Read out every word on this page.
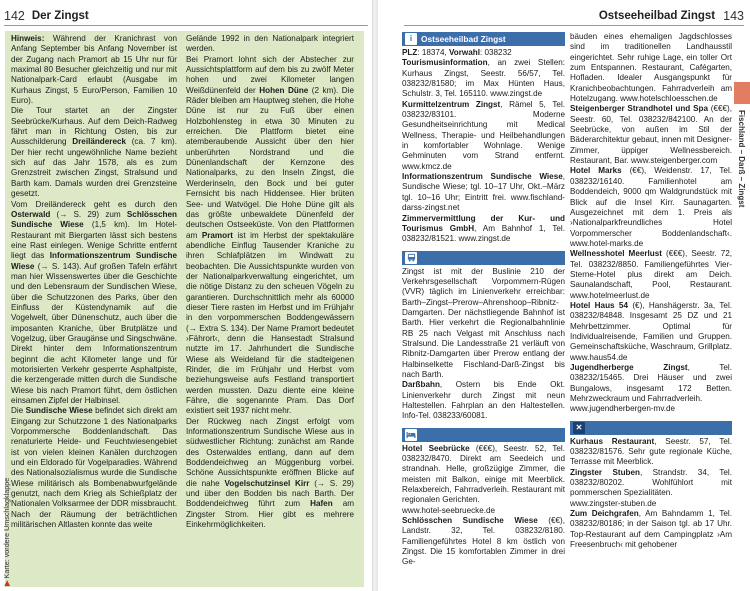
142 Der Zingst
Hinweis: Während der Kranichrast von Anfang September bis Anfang November ist der Zugang nach Pramort ab 15 Uhr nur für maximal 80 Besucher gleichzeitig und nur mit Nationalpark-Card erlaubt (Ausgabe im Kurhaus Zingst, 5 Euro/Person, Familien 10 Euro).
Die Tour startet an der Zingster Seebrücke/Kurhaus. Auf dem Deich-Radweg fährt man in Richtung Osten, bis zur Ausschilderung Dreiländereck (ca. 7 km). Der hier recht ungewöhnliche Name bezieht sich auf das Jahr 1578, als es zum Grenzstreit zwischen Zingst, Stralsund und Barth kam. Damals wurden drei Grenzsteine gesetzt.
Vom Dreiländereck geht es durch den Osterwald (→ S. 29) zum Schlösschen Sundische Wiese (1,5 km). Im Hotel-Restaurant mit Biergarten lässt sich bestens eine Rast einlegen. Wenige Schritte entfernt liegt das Informationszentrum Sundische Wiese (→ S. 143). Auf großen Tafeln erfährt man hier Wissenswertes über die Geschichte und den Lebensraum der Sundischen Wiese, über die Schutzzonen des Parks, über den Einfluss der Küstendynamik auf die Vogelwelt, über Dünenschutz, auch über die imposanten Kraniche, über Brutplätze und Vogelzug, über Graugänse und Singschwäne. Direkt hinter dem Informationszentrum beginnt die acht Kilometer lange und für motorisierten Verkehr gesperrte Asphaltpiste, die kerzengerade mitten durch die Sundische Wiese bis nach Pramort führt, dem östlichen einsamen Zipfel der Halbinsel.
Die Sundische Wiese befindet sich direkt am Eingang zur Schutzzone 1 des Nationalparks Vorpommersche Boddenlandschaft. Das renaturierte Heide- und Feuchtwiesengebiet ist von vielen kleinen Kanälen durchzogen und ein Eldorado für Vogelparadies. Während des Nationalsozialismus wurde die Sundische Wiese militärisch als Bombenabwurfgelände genutzt, nach dem Krieg als Schießplatz der Nationalen Volksarmee der DDR missbraucht. Nach der Räumung der beträchtlichen militärischen Altlasten konnte das weite
Gelände 1992 in den Nationalpark integriert werden.
Bei Pramort lohnt sich der Abstecher zur Aussichtsplattform auf dem bis zu zwölf Meter hohen und zwei Kilometer langen Weißdünenfeld der Hohen Düne (2 km). Die Räder bleiben am Hauptweg stehen, die Hohe Düne ist nur zu Fuß über einen Holzbohlensteg in etwa 30 Minuten zu erreichen. Die Plattform bietet eine atemberaubende Aussicht über den hier unberührten Nordstrand und die Dünenlandschaft der Kernzone des Nationalparks, zu den Inseln Zingst, die Werderinseln, den Bock und bei guter Fernsicht bis nach Hiddensee. Hier brüten See- und Watvögel. Die Hohe Düne gilt als das größte unbewaldete Dünenfeld der deutschen Ostseeküste. Von den Plattformen am Pramort ist im Herbst der spektakuläre abendliche Einflug Tausender Kraniche zu ihren Schlafplätzen im Windwatt zu beobachten. Die Aussichtspunkte wurden von der Nationalparkverwaltung eingerichtet, um die nötige Distanz zu den scheuen Vögeln zu garantieren. Durchschnittlich mehr als 60000 dieser Tiere rasten im Herbst und im Frühjahr in den vorpommerschen Boddengewässern (→ Extra S. 134). Der Name Pramort bedeutet ›Fährort‹, denn die Hansestadt Stralsund nutzte im 17. Jahrhundert die Sundische Wiese als Weideland für die stadteigenen Rinder, die im Frühjahr und Herbst vom beziehungsweise aufs Festland transportiert werden mussten. Dazu diente eine kleine Fähre, die sogenannte Pram. Das Dorf existiert seit 1937 nicht mehr.
Der Rückweg nach Zingst erfolgt vom Informationszentrum Sundische Wiese aus in südwestlicher Richtung: zunächst am Rande des Osterwaldes entlang, dann auf dem Boddendeichweg an Müggenburg vorbei. Schöne Aussichtspunkte eröffnen Blicke auf die nahe Vogelschutzinsel Kirr (→ S. 29) und über den Bodden bis nach Barth. Der Boddendeichweg führt zum Hafen am Zingster Strom. Hier gibt es mehrere Einkehrmöglichkeiten.
▶ Karte: vordere Umschlagklappe
Ostseeheilbad Zingst 143
i	Ostseeheilbad Zingst
PLZ: 18374, Vorwahl: 038232
Tourismusinformation, an zwei Stellen: Kurhaus Zingst, Seestr. 56/57, Tel. 038232/81580; im Max Hünten Haus, Schulstr. 3, Tel. 165110. www.zingst.de
Kurmittelzentrum Zingst, Rämel 5, Tel. 038232/83101. Moderne Gesundheitseinrichtung mit Medical Wellness, Therapie- und Heilbehandlungen in komfortabler Wohnlage. Wenige Gehminuten vom Strand entfernt. www.kmcz.de
Informationszentrum Sundische Wiese, Sundische Wiese; tgl. 10–17 Uhr, Okt.–März tgl. 10–16 Uhr; Eintritt frei. www.fischland-darss-zingst.net
Zimmervermittlung der Kur- und Tourismus GmbH, Am Bahnhof 1, Tel. 038232/81521. www.zingst.de
Zingst ist mit der Buslinie 210 der Verkehrsgesellschaft Vorpommern-Rügen (VVR) täglich im Linienverkehr erreichbar: Barth–Zingst–Prerow–Ahrenshoop–Ribnitz-Damgarten. Der nächstliegende Bahnhof ist Barth. Hier verkehrt die Regionalbahnlinie RB 25 nach Velgast mit Anschluss nach Stralsund. Die Landesstraße 21 verläuft von Ribnitz-Damgarten über Prerow entlang der Halbinselkette Fischland-Darß-Zingst bis nach Barth.
Darßbahn, Ostern bis Ende Okt. Linienverkehr durch Zingst mit neun Haltestellen. Fahrplan an den Haltestellen. Info-Tel. 038233/60081.
Hotel Seebrücke (€€€), Seestr. 52, Tel. 038232/8470. Direkt am Seedeich und strandnah. Helle, großzügige Zimmer, die meisten mit Balkon, einige mit Meerblick. Relaxbereich, Fahrradverleih. Restaurant mit regionalen Gerichten.
www.hotel-seebruecke.de
Schlösschen Sundische Wiese (€€), Landstr. 32, Tel. 038232/8180. Familiengeführtes Hotel 8 km östlich von Zingst. Die 15 komfortablen Zimmer in drei Ge-
bäuden eines ehemaligen Jagdschlosses sind im traditionellen Landhausstil eingerichtet. Sehr ruhige Lage, ein toller Ort zum Entspannen. Restaurant, Cafégarten, Hofladen. Idealer Ausgangspunkt für Kranichbeobachtungen. Fahrradverleih am Hotelzugang. www.hotelschloesschen.de
Steigenberger Strandhotel und Spa (€€€), Seestr. 60, Tel. 038232/842100. An der Seebrücke, von außen im Stil der Bäderarchitektur gebaut, innen mit Designer-Zimmer, üppiger Wellnessbereich. Restaurant, Bar. www.steigenberger.com
Hotel Marks (€€), Weidenstr. 17, Tel. 038232/16140. Familienhotel am Boddendeich, 9000 qm Waldgrundstück mit Blick auf die Insel Kirr. Saunagarten. Ausgezeichnet mit dem 1. Preis als ›Nationalparkfreundliches Hotel Vorpommerscher Boddenlandschaft‹. www.hotel-marks.de
Wellnesshotel Meerlust (€€€), Seestr. 72, Tel. 038232/8850. Familiengeführtes Vier-Sterne-Hotel plus direkt am Deich. Saunalandschaft, Pool, Restaurant. www.hotelmeerlust.de
Hotel Haus 54 (€), Hanshägerstr. 3a, Tel. 038232/84848. Insgesamt 25 DZ und 21 Mehrbettzimmer. Optimal für Individualreisende, Familien und Gruppen. Gemeinschaftsküche, Waschraum, Grillplatz. www.haus54.de
Jugendherberge Zingst, Tel. 038232/15465. Drei Häuser und zwei Bungalows, insgesamt 172 Betten. Mehrzweckraum und Fahrradverleih.
www.jugendherbergen-mv.de
✕
Kurhaus Restaurant, Seestr. 57, Tel. 038232/81576. Sehr gute regionale Küche, Terrasse mit Meerblick.
Zingster Stuben, Strandstr. 34, Tel. 038232/80202. Wohlfühlort mit pommerschen Spezialitäten.
www.zingster-stuben.de
Zum Deichgrafen, Am Bahndamm 1, Tel. 038232/80186; in der Saison tgl. ab 17 Uhr. Top-Restaurant auf dem Campingplatz ›Am Freesenbruch‹ mit gehobener
Fischland – Darß – Zingst
